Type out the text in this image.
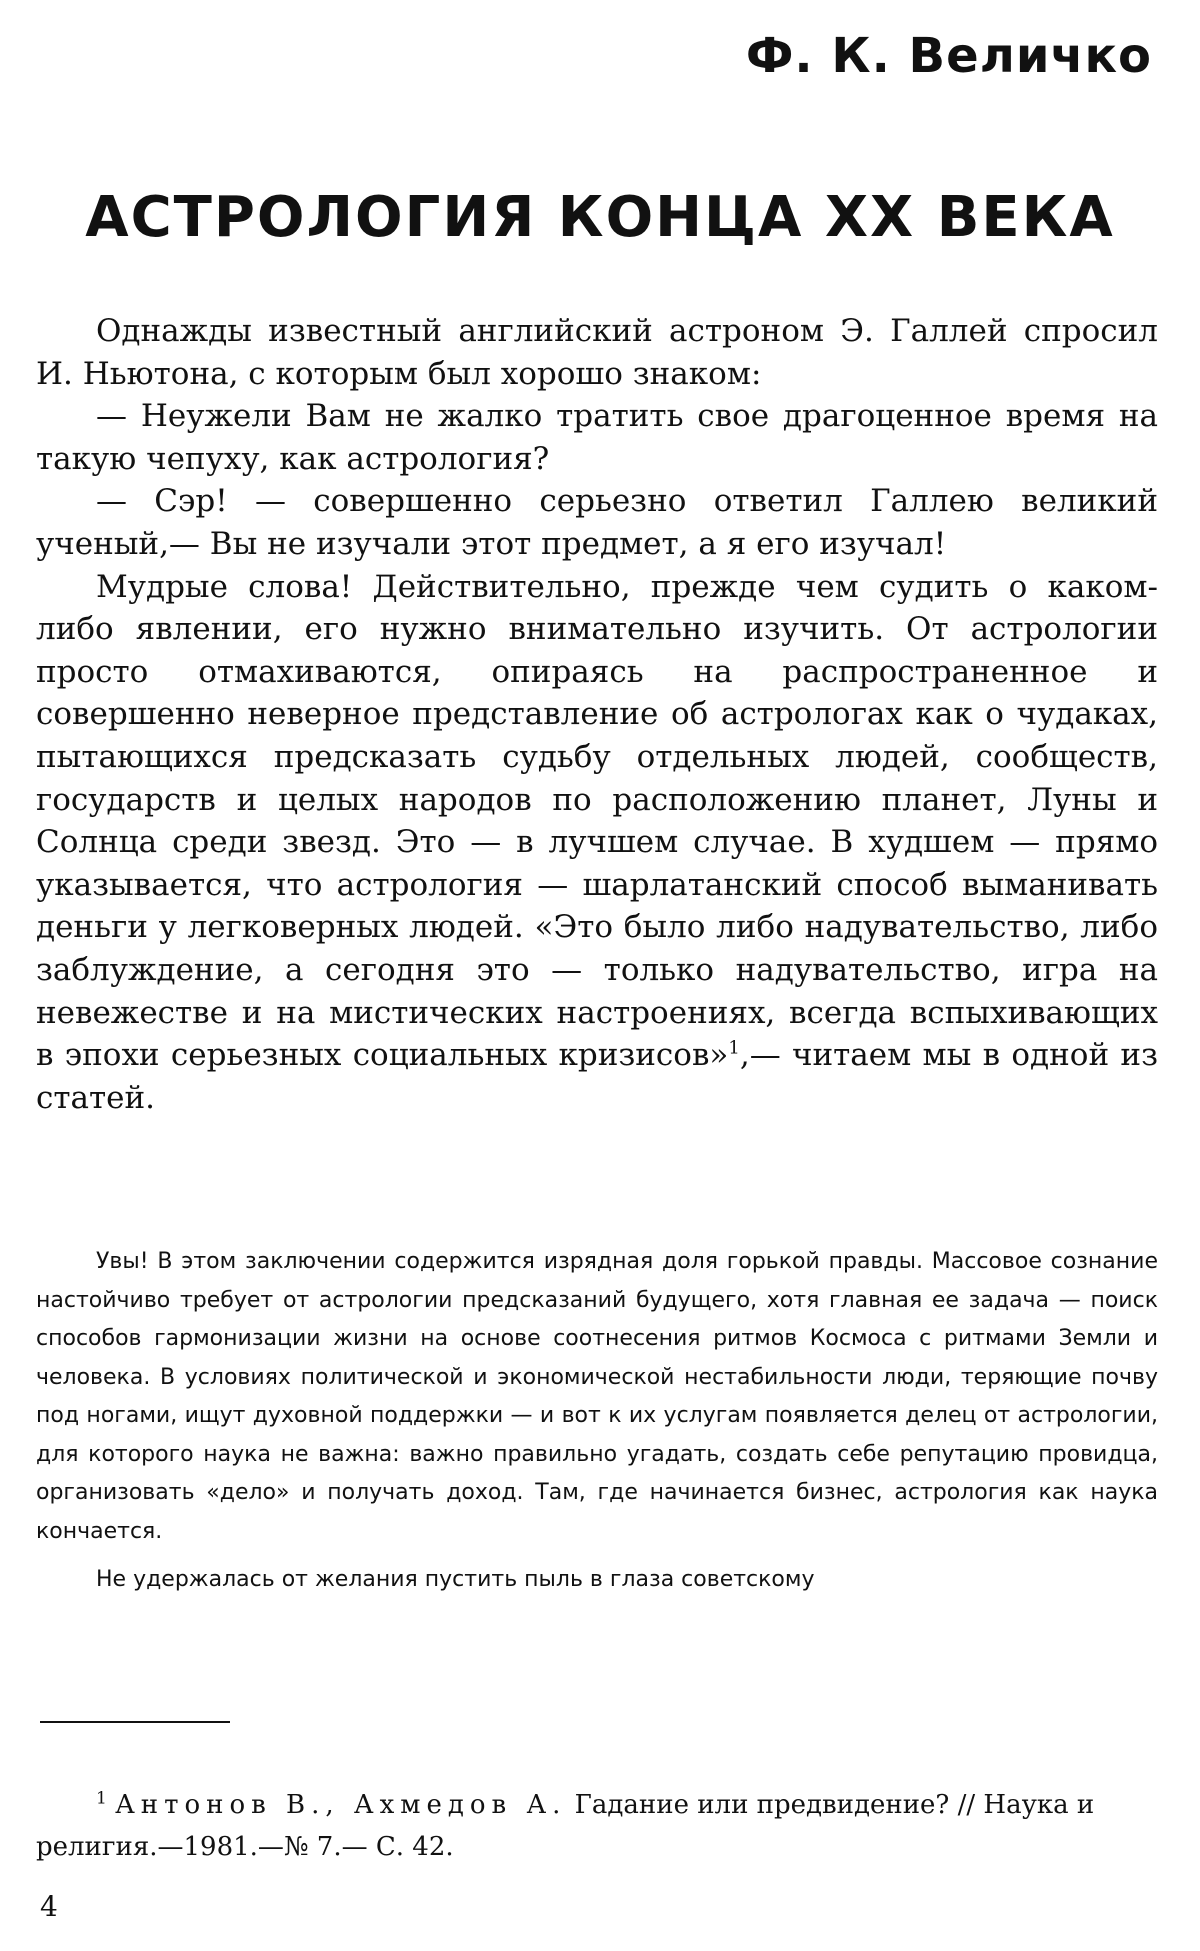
Ф. К. Величко
АСТРОЛОГИЯ КОНЦА XX ВЕКА

Однажды известный английский астроном Э. Галлей спросил И. Ньютона, с которым был хорошо знаком:

— Неужели Вам не жалко тратить свое драгоценное время на такую чепуху, как астрология?

— Сэр! — совершенно серьезно ответил Галлею великий ученый,— Вы не изучали этот предмет, а я его изучал!

Мудрые слова! Действительно, прежде чем судить о каком-либо явлении, его нужно внимательно изучить. От астрологии просто отмахиваются, опираясь на распространенное и совершенно неверное представление об астрологах как о чудаках, пытающихся предсказать судьбу отдельных людей, сообществ, государств и целых народов по расположению планет, Луны и Солнца среди звезд. Это — в лучшем случае. В худшем — прямо указывается, что астрология — шарлатанский способ выманивать деньги у легковерных людей. «Это было либо надувательство, либо заблуждение, а сегодня это — только надувательство, игра на невежестве и на мистических настроениях, всегда вспыхивающих в эпохи серьезных социальных кризисов»$^1$,— читаем мы в одной из статей.

Увы! В этом заключении содержится изрядная доля горькой правды. Массовое сознание настойчиво требует от астрологии предсказаний будущего, хотя главная ее задача — поиск способов гармонизации жизни на основе соотнесения ритмов Космоса с ритмами Земли и человека. В условиях политической и экономической нестабильности люди, теряющие почву под ногами, ищут духовной поддержки — и вот к их услугам появляется делец от астрологии, для которого наука не важна: важно правильно угадать, создать себе репутацию провидца, организовать «дело» и получать доход. Там, где начинается бизнес, астрология как наука кончается.

Не удержалась от желания пустить пыль в глаза советскому

$^1$ Антонов В., Ахмедов А. Гадание или предвидение? // Наука и религия.—1981.—№ 7.— С. 42.

4
